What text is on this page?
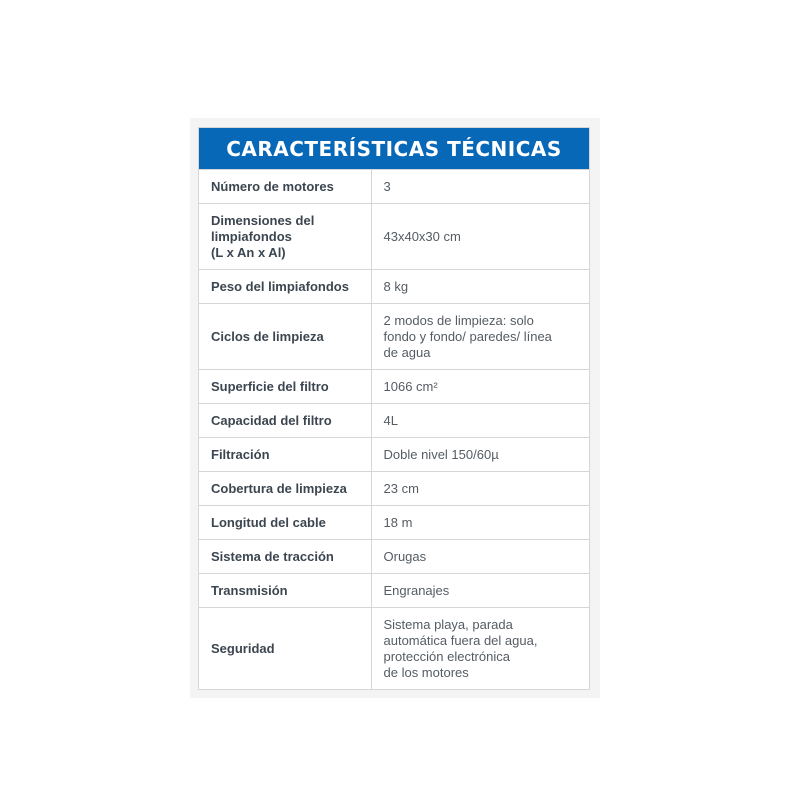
CARACTERÍSTICAS TÉCNICAS
Número de motores	3
Dimensiones del
limpiafondos
(L x An x Al)	43x40x30 cm
Peso del limpiafondos	8 kg
Ciclos de limpieza	2 modos de limpieza: solo
fondo y fondo/ paredes/ línea
de agua
Superficie del filtro	1066 cm²
Capacidad del filtro	4L
Filtración	Doble nivel 150/60µ
Cobertura de limpieza	23 cm
Longitud del cable	18 m
Sistema de tracción	Orugas
Transmisión	Engranajes
Seguridad	Sistema playa, parada
automática fuera del agua,
protección electrónica
de los motores
